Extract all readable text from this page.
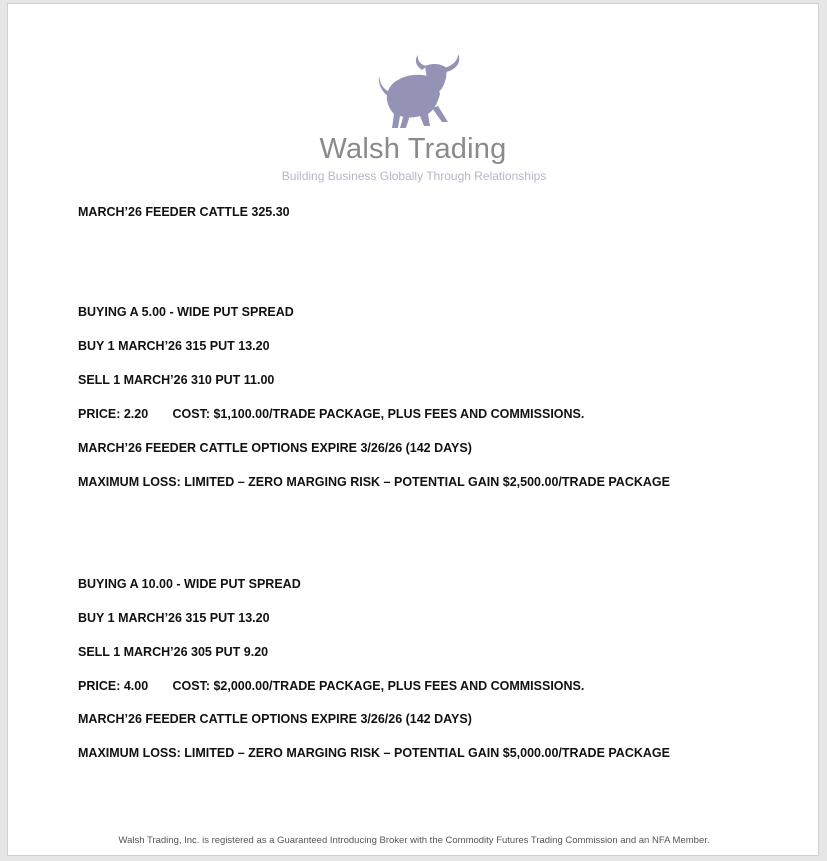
Walsh Trading
Building Business Globally Through Relationships
MARCH’26 FEEDER CATTLE 325.30
BUYING A 5.00 - WIDE PUT SPREAD
BUY 1 MARCH’26 315 PUT 13.20
SELL 1 MARCH’26 310 PUT 11.00
PRICE: 2.20       COST: $1,100.00/TRADE PACKAGE, PLUS FEES AND COMMISSIONS.
MARCH’26 FEEDER CATTLE OPTIONS EXPIRE 3/26/26 (142 DAYS)
MAXIMUM LOSS: LIMITED – ZERO MARGING RISK – POTENTIAL GAIN $2,500.00/TRADE PACKAGE
BUYING A 10.00 - WIDE PUT SPREAD
BUY 1 MARCH’26 315 PUT 13.20
SELL 1 MARCH’26 305 PUT 9.20
PRICE: 4.00       COST: $2,000.00/TRADE PACKAGE, PLUS FEES AND COMMISSIONS.
MARCH’26 FEEDER CATTLE OPTIONS EXPIRE 3/26/26 (142 DAYS)
MAXIMUM LOSS: LIMITED – ZERO MARGING RISK – POTENTIAL GAIN $5,000.00/TRADE PACKAGE
Walsh Trading, Inc. is registered as a Guaranteed Introducing Broker with the Commodity Futures Trading Commission and an NFA Member.
